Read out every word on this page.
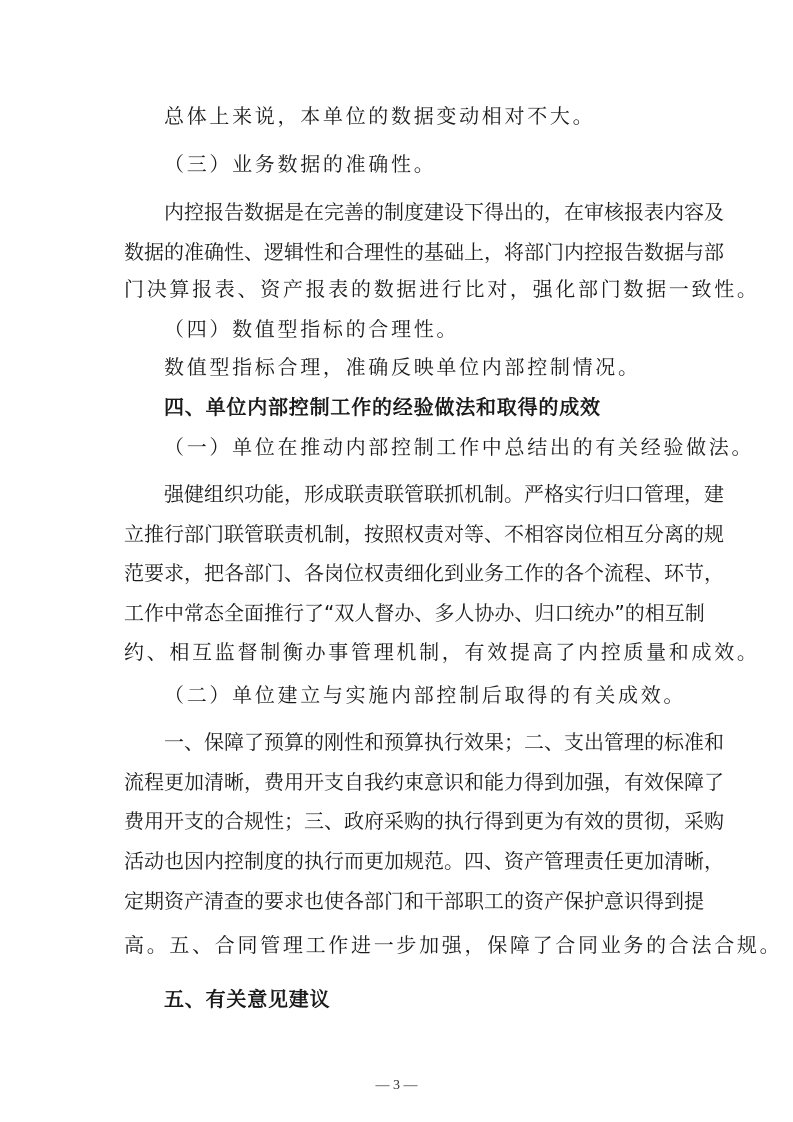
总体上来说，本单位的数据变动相对不大。

（三）业务数据的准确性。

内控报告数据是在完善的制度建设下得出的，在审核报表内容及

数据的准确性、逻辑性和合理性的基础上，将部门内控报告数据与部

门决算报表、资产报表的数据进行比对，强化部门数据一致性。

（四）数值型指标的合理性。

数值型指标合理，准确反映单位内部控制情况。

四、单位内部控制工作的经验做法和取得的成效

（一）单位在推动内部控制工作中总结出的有关经验做法。

强健组织功能，形成联责联管联抓机制。严格实行归口管理，建

立推行部门联管联责机制，按照权责对等、不相容岗位相互分离的规

范要求，把各部门、各岗位权责细化到业务工作的各个流程、环节，

工作中常态全面推行了“双人督办、多人协办、归口统办”的相互制

约、相互监督制衡办事管理机制，有效提高了内控质量和成效。

（二）单位建立与实施内部控制后取得的有关成效。

一、保障了预算的刚性和预算执行效果；二、支出管理的标准和

流程更加清晰，费用开支自我约束意识和能力得到加强，有效保障了

费用开支的合规性；三、政府采购的执行得到更为有效的贯彻，采购

活动也因内控制度的执行而更加规范。四、资产管理责任更加清晰，

定期资产清查的要求也使各部门和干部职工的资产保护意识得到提

高。五、合同管理工作进一步加强，保障了合同业务的合法合规。

五、有关意见建议

— 3 —
